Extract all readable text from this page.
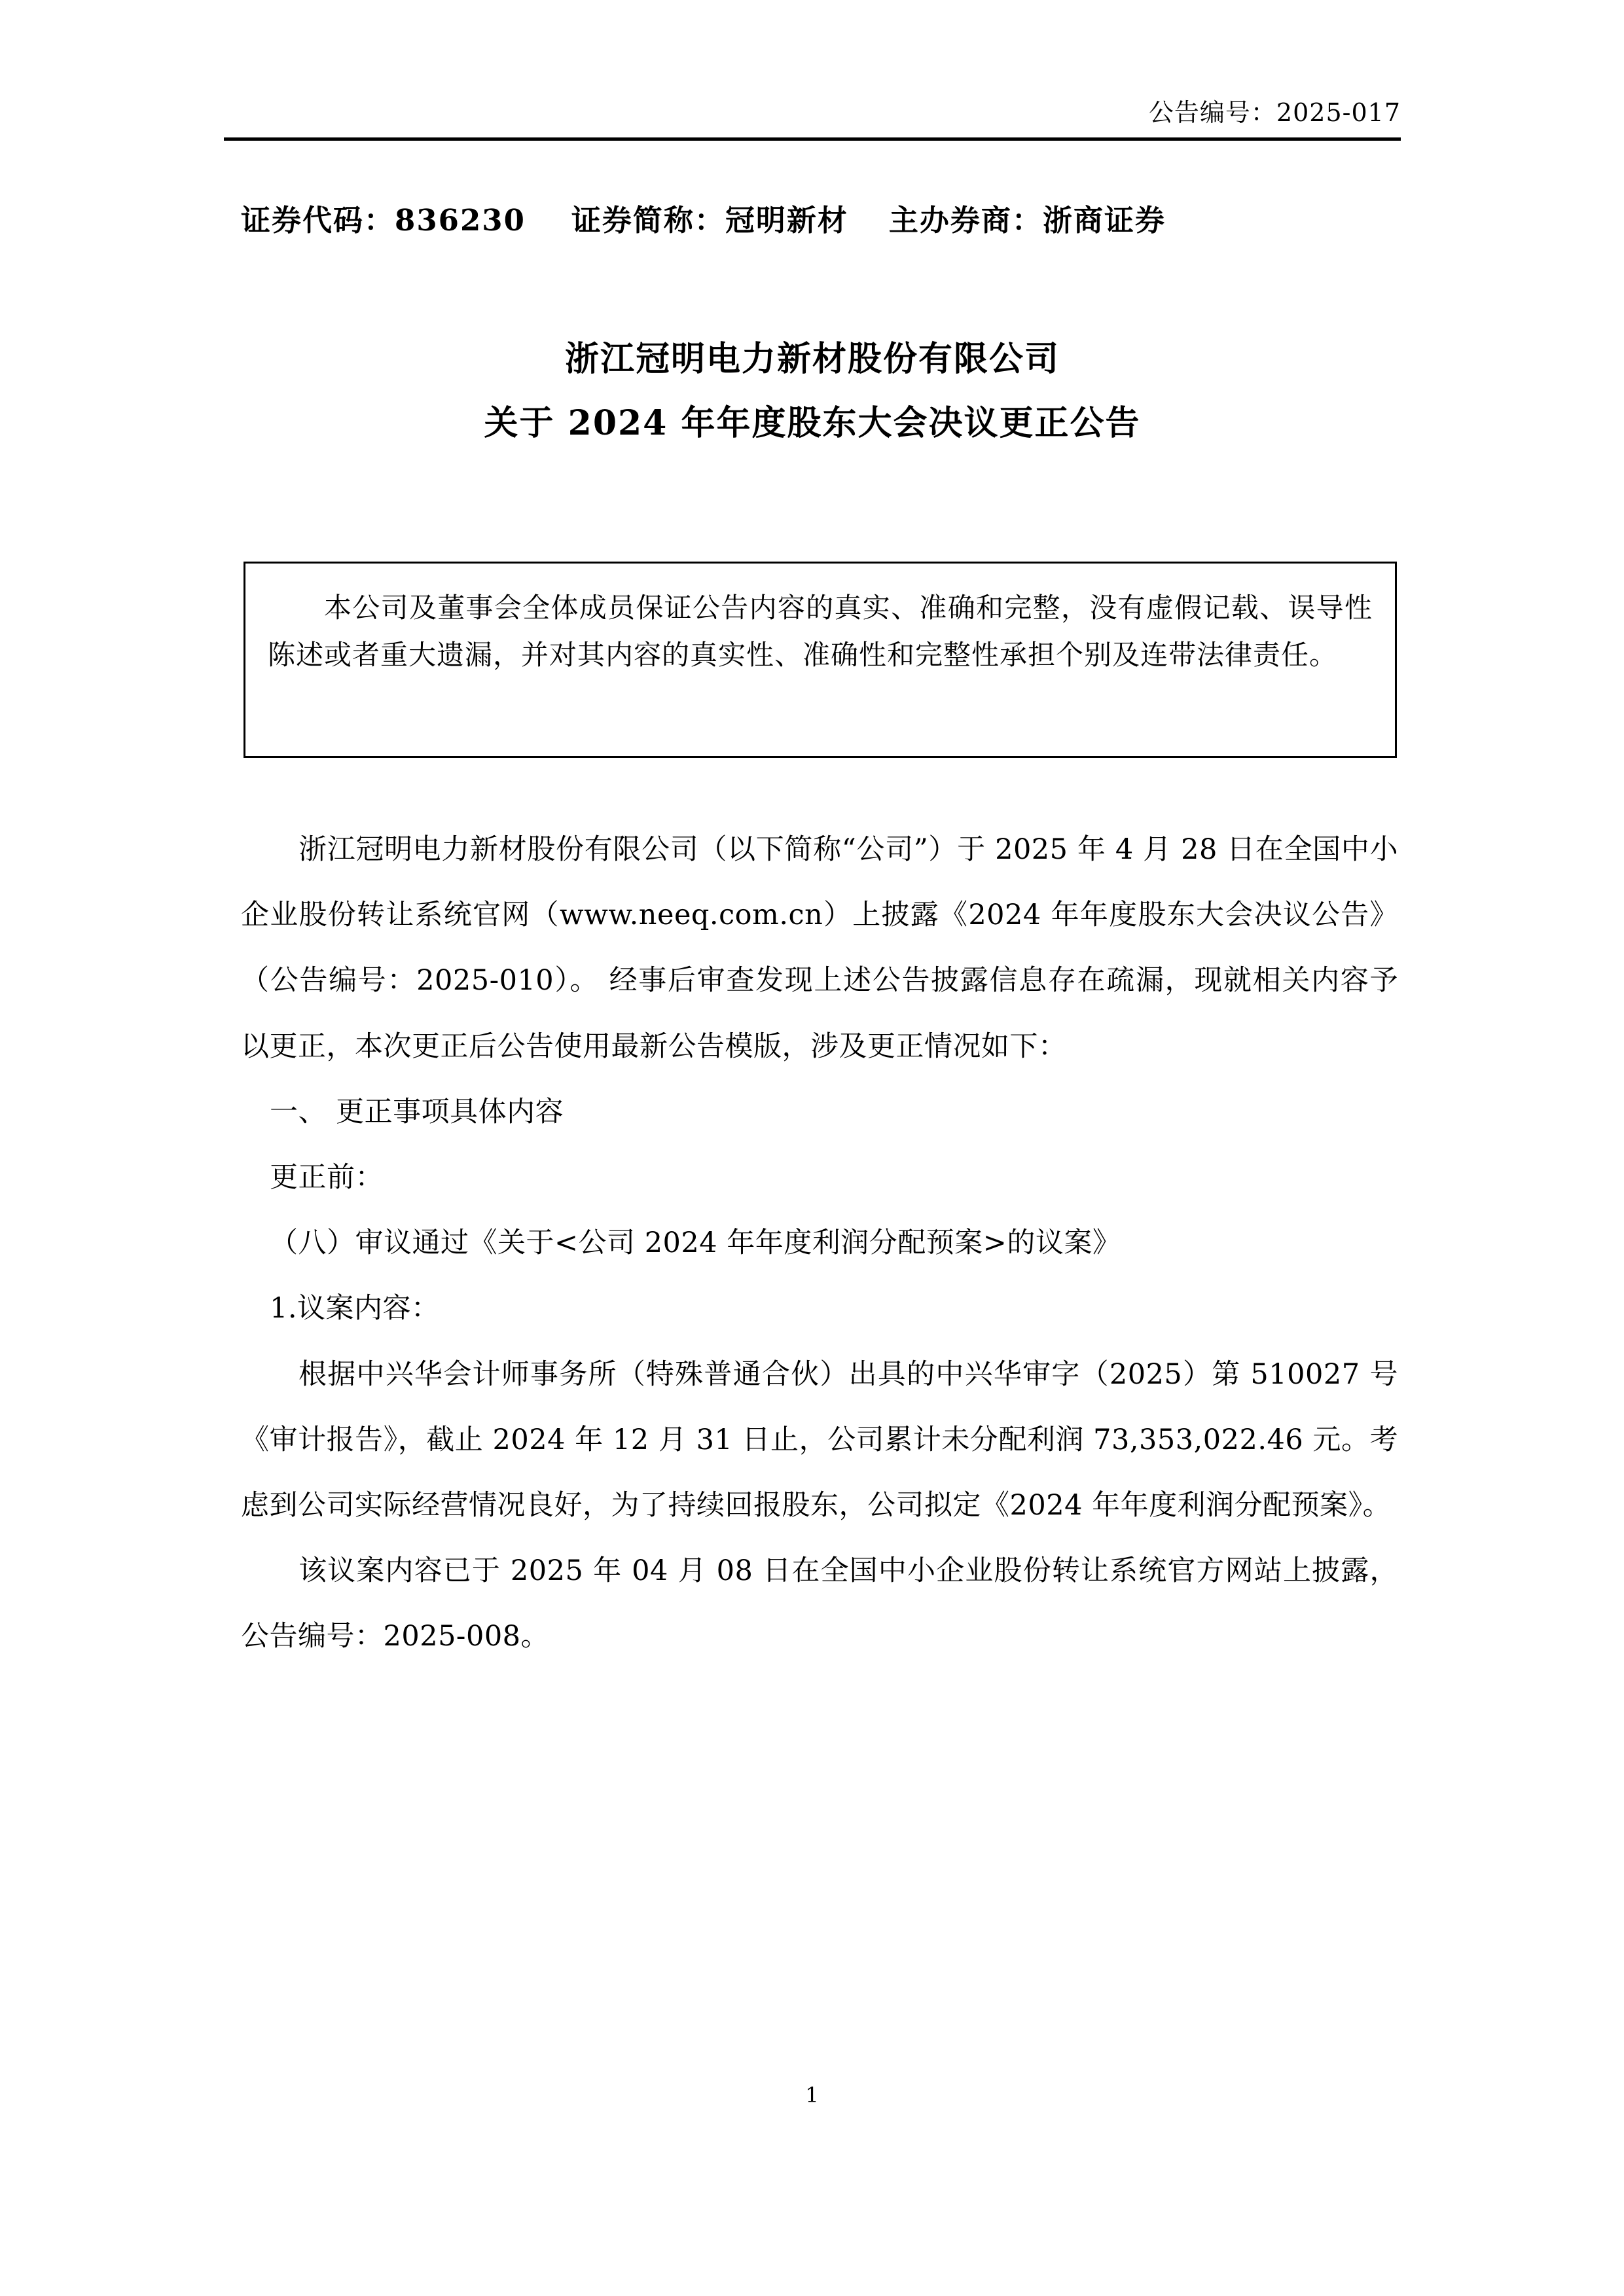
公告编号：2025-017
证券代码：836230 证券简称：冠明新材 主办券商：浙商证券
浙江冠明电力新材股份有限公司
关于 2024 年年度股东大会决议更正公告

本公司及董事会全体成员保证公告内容的真实、准确和完整，没有虚假记载、误导性陈述或者重大遗漏，并对其内容的真实性、准确性和完整性承担个别及连带法律责任。

浙江冠明电力新材股份有限公司（以下简称“公司”）于 2025 年 4 月 28 日在全国中小企业股份转让系统官网（www.neeq.com.cn）上披露《2024 年年度股东大会决议公告》（公告编号：2025-010）。 经事后审查发现上述公告披露信息存在疏漏，现就相关内容予以更正，本次更正后公告使用最新公告模版，涉及更正情况如下：

一、 更正事项具体内容

更正前：

（八）审议通过《关于<公司 2024 年年度利润分配预案>的议案》

1.议案内容：

根据中兴华会计师事务所（特殊普通合伙）出具的中兴华审字（2025）第 510027 号《审计报告》，截止 2024 年 12 月 31 日止，公司累计未分配利润 73,353,022.46 元。考虑到公司实际经营情况良好，为了持续回报股东，公司拟定《2024 年年度利润分配预案》。

该议案内容已于 2025 年 04 月 08 日在全国中小企业股份转让系统官方网站上披露，公告编号：2025-008。

1
